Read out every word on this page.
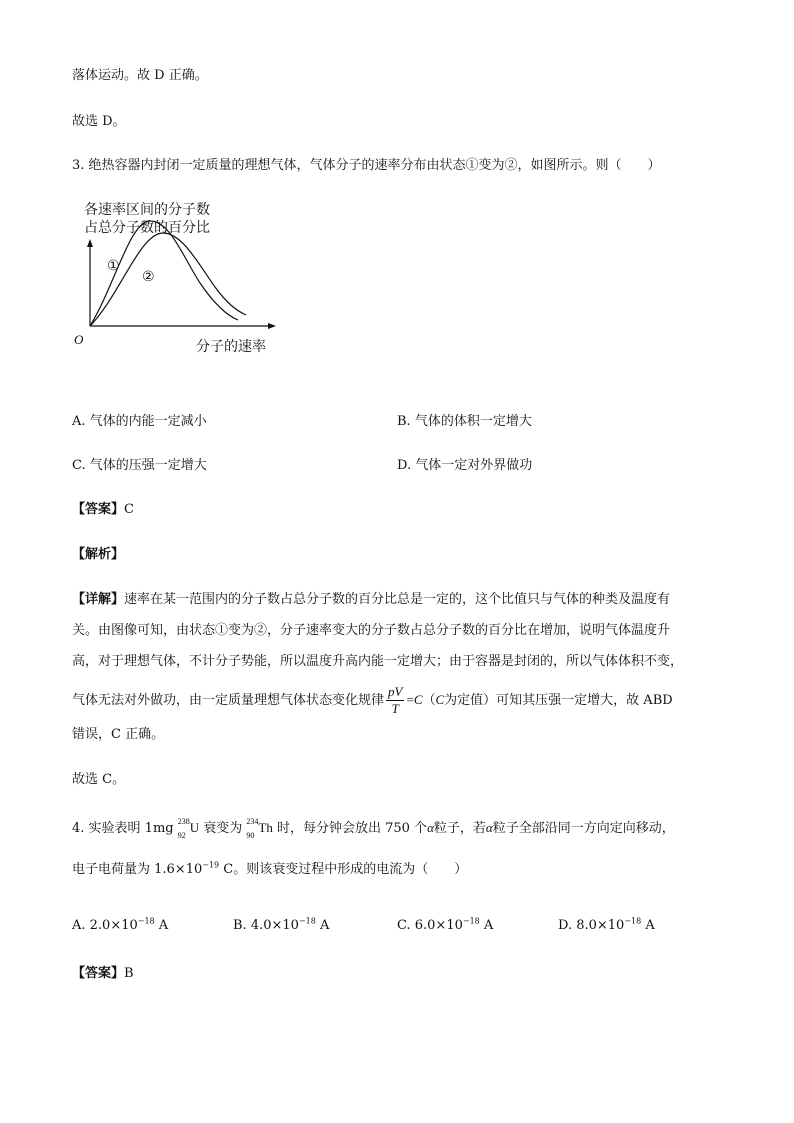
落体运动。故 D 正确。
故选 D。
3. 绝热容器内封闭一定质量的理想气体，气体分子的速率分布由状态①变为②，如图所示。则（　　）
各速率区间的分子数
占总分子数的百分比
①
②
O	分子的速率
A. 气体的内能一定减小	B. 气体的体积一定增大
C. 气体的压强一定增大	D. 气体一定对外界做功
【答案】C
【解析】
【详解】速率在某一范围内的分子数占总分子数的百分比总是一定的，这个比值只与气体的种类及温度有
关。由图像可知，由状态①变为②，分子速率变大的分子数占总分子数的百分比在增加，说明气体温度升
高，对于理想气体，不计分子势能，所以温度升高内能一定增大；由于容器是封闭的，所以气体体积不变，
气体无法对外做功，由一定质量理想气体状态变化规律 $\frac{pV}{T} =C(C$为定值）可知其压强一定增大，故 ABD
错误，C 正确。
故选 C。
4. 实验表明 1mg 238
92
U 衰变为 234
90
Th 时，每分钟会放出 750 个α粒子，若α粒子全部沿同一方向定向移动，
电子电荷量为 $1.6\times 10^{-19}$ C。则该衰变过程中形成的电流为（　　）
A. $2.0\times 10^{-18}$ A	B. $4.0\times 10^{-18}$ A	C. $6.0\times 10^{-18}$ A	D. $8.0\times 10^{-18}$ A
【答案】B
